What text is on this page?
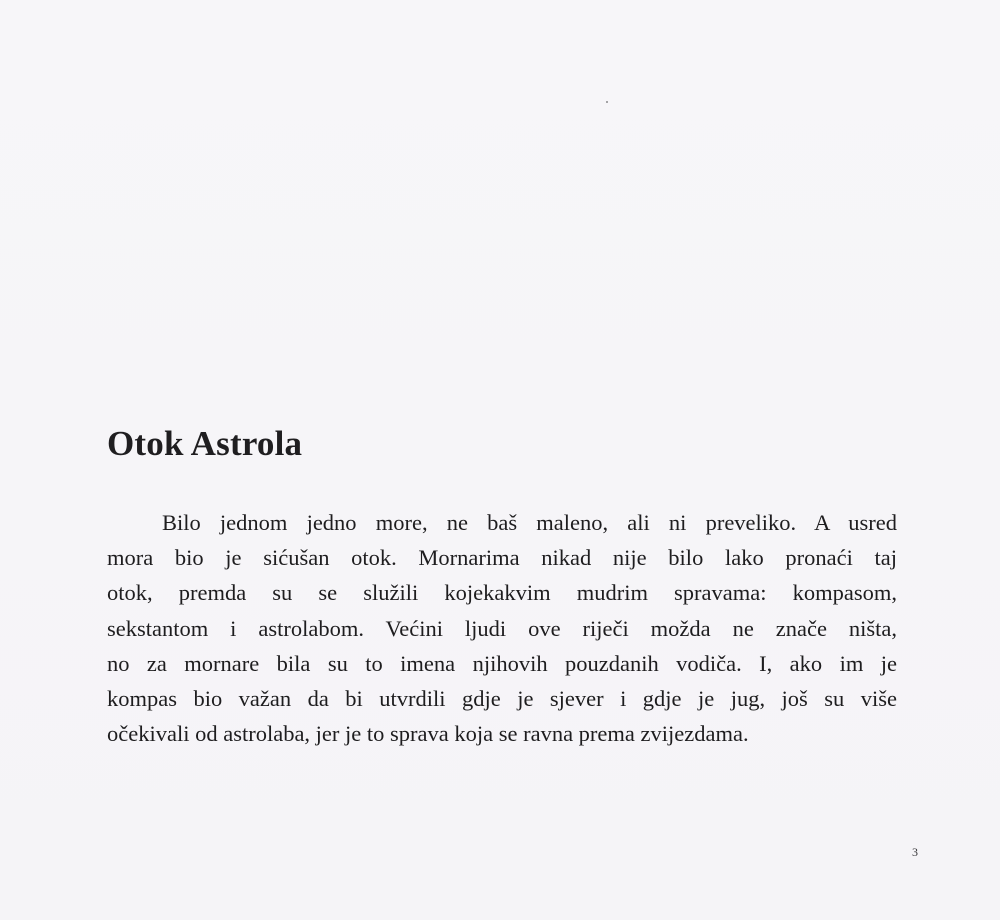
Otok Astrola
Bilo jednom jedno more, ne baš maleno, ali ni preveliko. A usred
mora bio je sićušan otok. Mornarima nikad nije bilo lako pronaći taj
otok, premda su se služili kojekakvim mudrim spravama: kompasom,
sekstantom i astrolabom. Većini ljudi ove riječi možda ne znače ništa,
no za mornare bila su to imena njihovih pouzdanih vodiča. I, ako im je
kompas bio važan da bi utvrdili gdje je sjever i gdje je jug, još su više
očekivali od astrolaba, jer je to sprava koja se ravna prema zvijezdama.
3
